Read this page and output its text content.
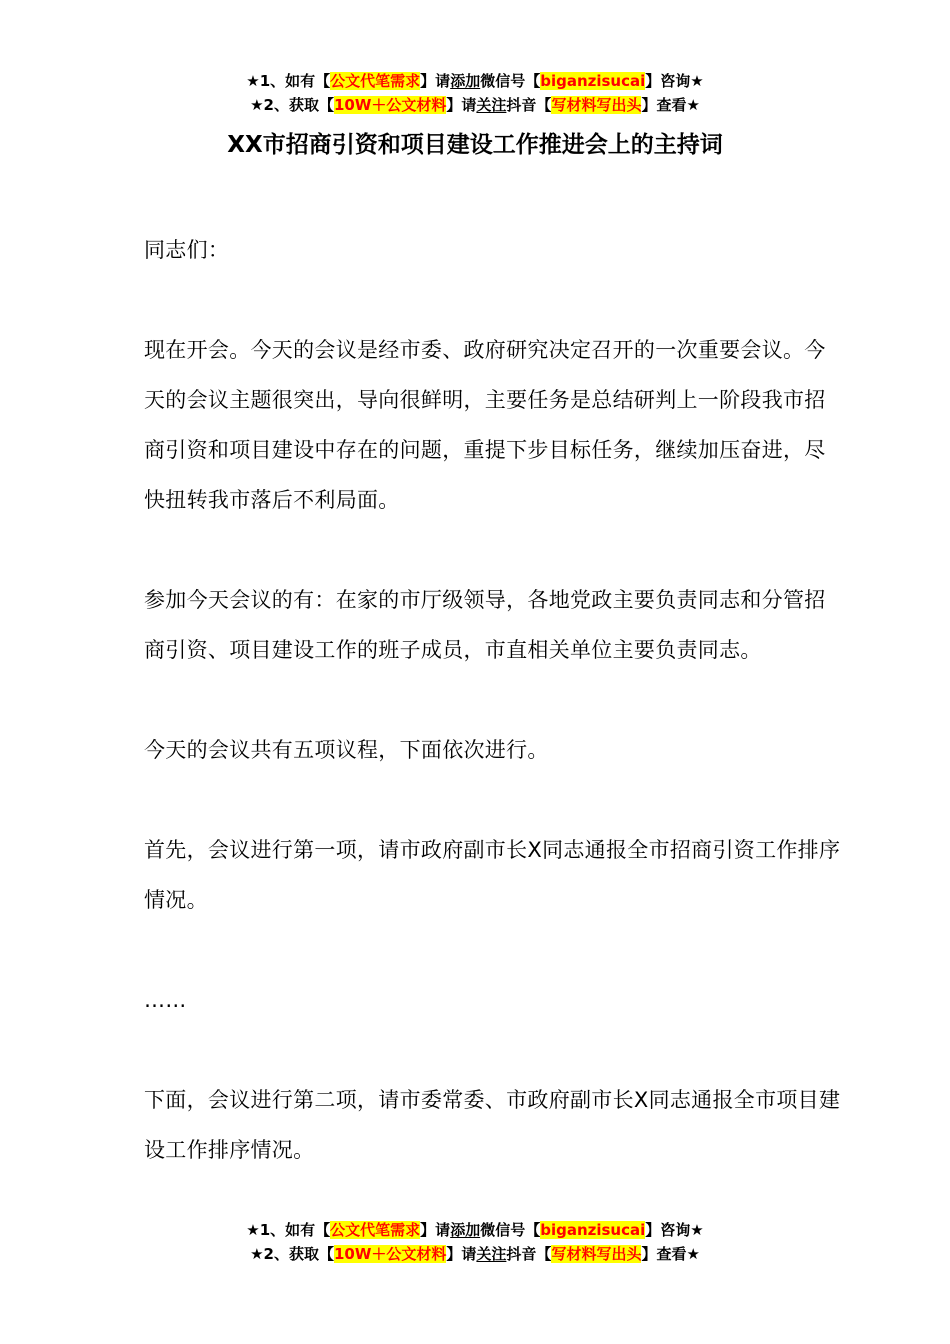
★1、如有【公文代笔需求】请添加微信号【biganzisucai】咨询★
★2、获取【10W＋公文材料】请关注抖音【写材料写出头】查看★
XX市招商引资和项目建设工作推进会上的主持词

同志们：

现在开会。今天的会议是经市委、政府研究决定召开的一次重要会议。今天的会议主题很突出，导向很鲜明，主要任务是总结研判上一阶段我市招商引资和项目建设中存在的问题，重提下步目标任务，继续加压奋进，尽快扭转我市落后不利局面。

参加今天会议的有：在家的市厅级领导，各地党政主要负责同志和分管招商引资、项目建设工作的班子成员，市直相关单位主要负责同志。

今天的会议共有五项议程，下面依次进行。

首先，会议进行第一项，请市政府副市长X同志通报全市招商引资工作排序情况。

……

下面，会议进行第二项，请市委常委、市政府副市长X同志通报全市项目建设工作排序情况。

★1、如有【公文代笔需求】请添加微信号【biganzisucai】咨询★
★2、获取【10W＋公文材料】请关注抖音【写材料写出头】查看★
